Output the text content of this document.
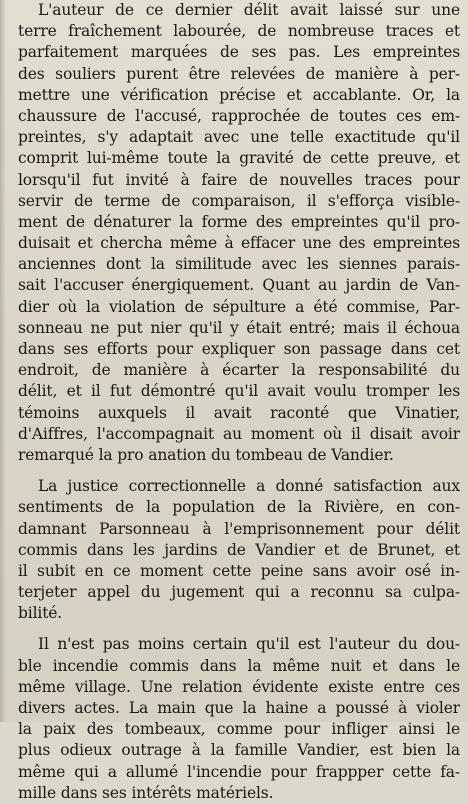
L'auteur de ce dernier délit avait laissé sur une
terre fraîchement labourée, de nombreuse traces et
parfaitement marquées de ses pas. Les empreintes
des souliers purent être relevées de manière à per-
mettre une vérification précise et accablante. Or, la
chaussure de l'accusé, rapprochée de toutes ces em-
preintes, s'y adaptait avec une telle exactitude qu'il
comprit lui-même toute la gravité de cette preuve, et
lorsqu'il fut invité à faire de nouvelles traces pour
servir de terme de comparaison, il s'efforça visible-
ment de dénaturer la forme des empreintes qu'il pro-
duisait et chercha même à effacer une des empreintes
anciennes dont la similitude avec les siennes parais-
sait l'accuser énergiquement. Quant au jardin de Van-
dier où la violation de sépulture a été commise, Par-
sonneau ne put nier qu'il y était entré; mais il échoua
dans ses efforts pour expliquer son passage dans cet
endroit, de manière à écarter la responsabilité du
délit, et il fut démontré qu'il avait voulu tromper les
témoins auxquels il avait raconté que Vinatier,
d'Aiffres, l'accompagnait au moment où il disait avoir
remarqué la pro anation du tombeau de Vandier.
La justice correctionnelle a donné satisfaction aux
sentiments de la population de la Rivière, en con-
damnant Parsonneau à l'emprisonnement pour délit
commis dans les jardins de Vandier et de Brunet, et
il subit en ce moment cette peine sans avoir osé in-
terjeter appel du jugement qui a reconnu sa culpa-
bilité.
Il n'est pas moins certain qu'il est l'auteur du dou-
ble incendie commis dans la même nuit et dans le
même village. Une relation évidente existe entre ces
divers actes. La main que la haine a poussé à violer
la paix des tombeaux, comme pour infliger ainsi le
plus odieux outrage à la famille Vandier, est bien la
même qui a allumé l'incendie pour frappper cette fa-
mille dans ses intérêts matériels.
